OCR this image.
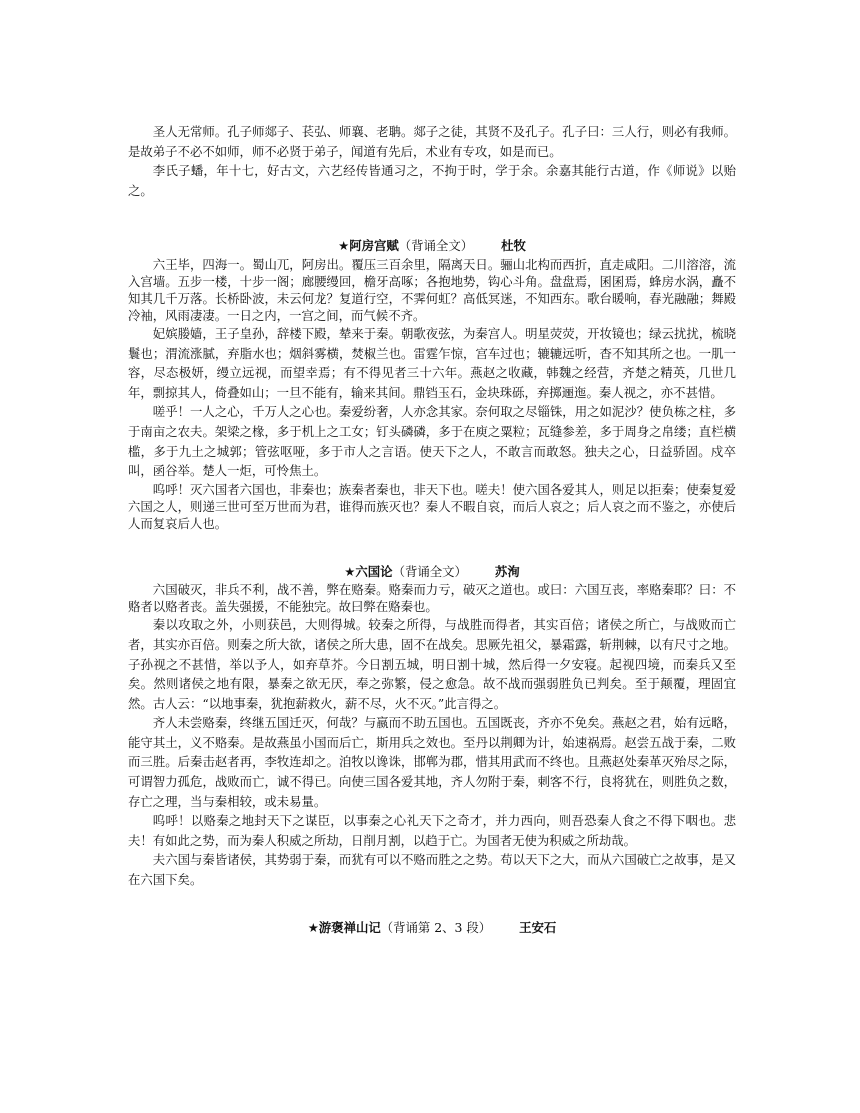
圣人无常师。孔子师郯子、苌弘、师襄、老聃。郯子之徒，其贤不及孔子。孔子曰：三人行，则必有我师。是故弟子不必不如师，师不必贤于弟子，闻道有先后，术业有专攻，如是而已。

李氏子蟠，年十七，好古文，六艺经传皆通习之，不拘于时，学于余。余嘉其能行古道，作《师说》以贻之。

★阿房宫赋（背诵全文） 杜牧

六王毕，四海一。蜀山兀，阿房出。覆压三百余里，隔离天日。骊山北构而西折，直走咸阳。二川溶溶，流入宫墙。五步一楼，十步一阁；廊腰缦回，檐牙高啄；各抱地势，钩心斗角。盘盘焉，囷囷焉，蜂房水涡，矗不知其几千万落。长桥卧波，未云何龙？复道行空，不霁何虹？高低冥迷，不知西东。歌台暖响，春光融融；舞殿冷袖，风雨凄凄。一日之内，一宫之间，而气候不齐。

妃嫔媵嫱，王子皇孙，辞楼下殿，辇来于秦。朝歌夜弦，为秦宫人。明星荧荧，开妆镜也；绿云扰扰，梳晓鬟也；渭流涨腻，弃脂水也；烟斜雾横，焚椒兰也。雷霆乍惊，宫车过也；辘辘远听，杳不知其所之也。一肌一容，尽态极妍，缦立远视，而望幸焉；有不得见者三十六年。燕赵之收藏，韩魏之经营，齐楚之精英，几世几年，剽掠其人，倚叠如山；一旦不能有，输来其间。鼎铛玉石，金块珠砾，弃掷逦迤。秦人视之，亦不甚惜。

嗟乎！一人之心，千万人之心也。秦爱纷奢，人亦念其家。奈何取之尽锱铢，用之如泥沙？使负栋之柱，多于南亩之农夫。架梁之椽，多于机上之工女；钉头磷磷，多于在庾之粟粒；瓦缝参差，多于周身之帛缕；直栏横槛，多于九土之城郭；管弦呕哑，多于市人之言语。使天下之人，不敢言而敢怒。独夫之心，日益骄固。戍卒叫，函谷举。楚人一炬，可怜焦土。

呜呼！灭六国者六国也，非秦也；族秦者秦也，非天下也。嗟夫！使六国各爱其人，则足以拒秦；使秦复爱六国之人，则递三世可至万世而为君，谁得而族灭也？秦人不暇自哀，而后人哀之；后人哀之而不鉴之，亦使后人而复哀后人也。

★六国论（背诵全文） 苏洵

六国破灭，非兵不利，战不善，弊在赂秦。赂秦而力亏，破灭之道也。或曰：六国互丧，率赂秦耶？曰：不赂者以赂者丧。盖失强援，不能独完。故曰弊在赂秦也。

秦以攻取之外，小则获邑，大则得城。较秦之所得，与战胜而得者，其实百倍；诸侯之所亡，与战败而亡者，其实亦百倍。则秦之所大欲，诸侯之所大患，固不在战矣。思厥先祖父，暴霜露，斩荆棘，以有尺寸之地。子孙视之不甚惜，举以予人，如弃草芥。今日割五城，明日割十城，然后得一夕安寝。起视四境，而秦兵又至矣。然则诸侯之地有限，暴秦之欲无厌，奉之弥繁，侵之愈急。故不战而强弱胜负已判矣。至于颠覆，理固宜然。古人云：“以地事秦，犹抱薪救火，薪不尽，火不灭。”此言得之。

齐人未尝赂秦，终继五国迁灭，何哉？与嬴而不助五国也。五国既丧，齐亦不免矣。燕赵之君，始有远略，能守其土，义不赂秦。是故燕虽小国而后亡，斯用兵之效也。至丹以荆卿为计，始速祸焉。赵尝五战于秦，二败而三胜。后秦击赵者再，李牧连却之。洎牧以谗诛，邯郸为郡，惜其用武而不终也。且燕赵处秦革灭殆尽之际，可谓智力孤危，战败而亡，诚不得已。向使三国各爱其地，齐人勿附于秦，刺客不行，良将犹在，则胜负之数，存亡之理，当与秦相较，或未易量。

呜呼！以赂秦之地封天下之谋臣，以事秦之心礼天下之奇才，并力西向，则吾恐秦人食之不得下咽也。悲夫！有如此之势，而为秦人积威之所劫，日削月割，以趋于亡。为国者无使为积威之所劫哉。

夫六国与秦皆诸侯，其势弱于秦，而犹有可以不赂而胜之之势。苟以天下之大，而从六国破亡之故事，是又在六国下矣。

★游褒禅山记（背诵第 2、3 段） 王安石
